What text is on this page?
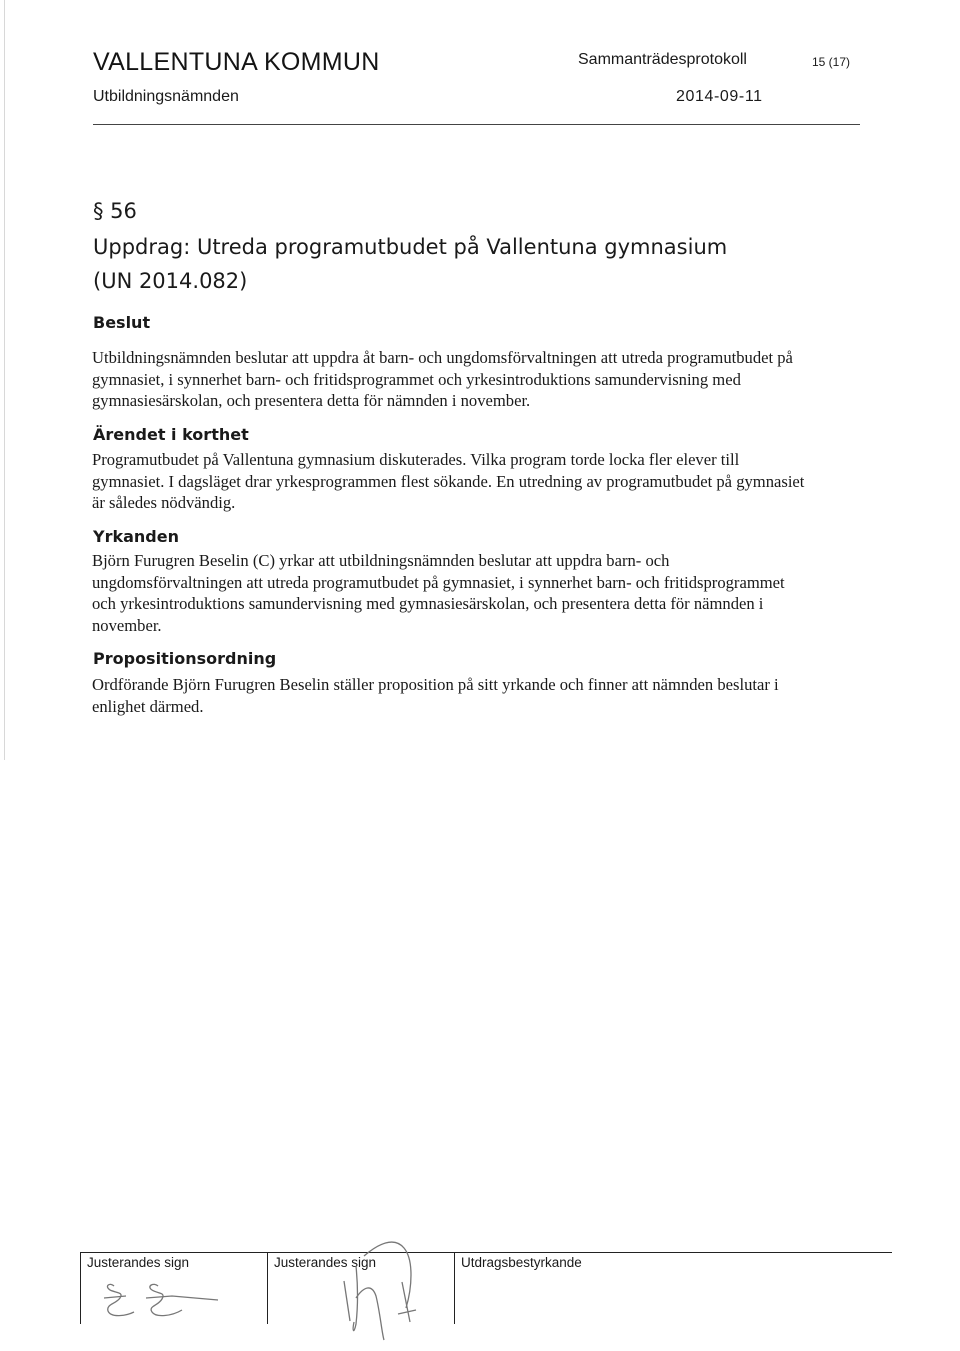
VALLENTUNA KOMMUN	Sammanträdesprotokoll	15 (17)
Utbildningsnämnden	2014-09-11
§ 56
Uppdrag: Utreda programutbudet på Vallentuna gymnasium (UN 2014.082)
Beslut
Utbildningsnämnden beslutar att uppdra åt barn- och ungdomsförvaltningen att utreda programutbudet på gymnasiet, i synnerhet barn- och fritidsprogrammet och yrkesintroduktions samundervisning med gymnasiesärskolan, och presentera detta för nämnden i november.
Ärendet i korthet
Programutbudet på Vallentuna gymnasium diskuterades. Vilka program torde locka fler elever till gymnasiet. I dagsläget drar yrkesprogrammen flest sökande. En utredning av programutbudet på gymnasiet är således nödvändig.
Yrkanden
Björn Furugren Beselin (C) yrkar att utbildningsnämnden beslutar att uppdra barn- och ungdomsförvaltningen att utreda programutbudet på gymnasiet, i synnerhet barn- och fritidsprogrammet och yrkesintroduktions samundervisning med gymnasiesärskolan, och presentera detta för nämnden i november.
Propositionsordning
Ordförande Björn Furugren Beselin ställer proposition på sitt yrkande och finner att nämnden beslutar i enlighet därmed.
Justerandes sign	Justerandes sign	Utdragsbestyrkande
